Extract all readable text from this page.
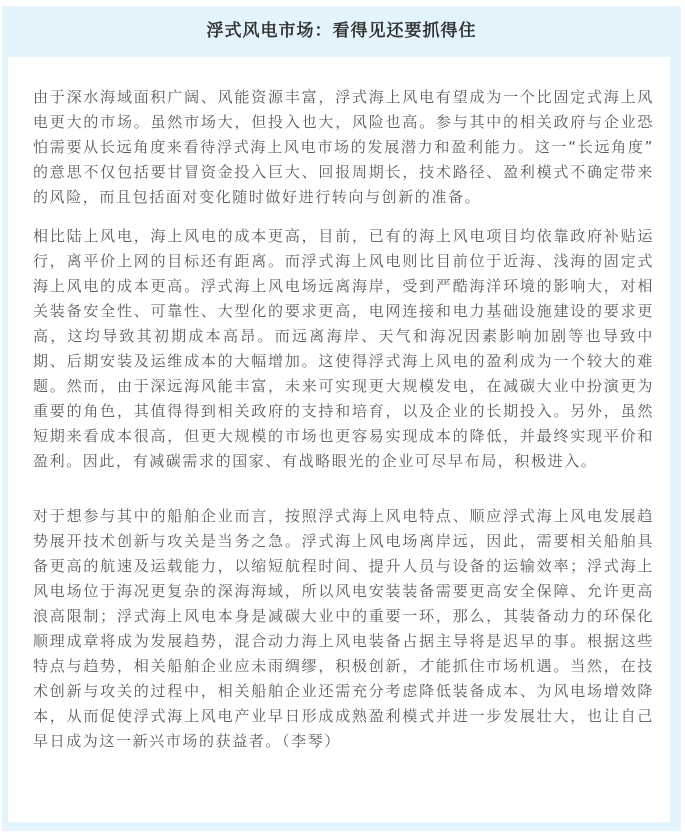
浮式风电市场：看得见还要抓得住

由于深水海域面积广阔、风能资源丰富，浮式海上风电有望成为一个比固定式海上风电更大的市场。虽然市场大，但投入也大，风险也高。参与其中的相关政府与企业恐怕需要从长远角度来看待浮式海上风电市场的发展潜力和盈利能力。这一“长远角度”的意思不仅包括要甘冒资金投入巨大、回报周期长，技术路径、盈利模式不确定带来的风险，而且包括面对变化随时做好进行转向与创新的准备。

相比陆上风电，海上风电的成本更高，目前，已有的海上风电项目均依靠政府补贴运行，离平价上网的目标还有距离。而浮式海上风电则比目前位于近海、浅海的固定式海上风电的成本更高。浮式海上风电场远离海岸，受到严酷海洋环境的影响大，对相关装备安全性、可靠性、大型化的要求更高，电网连接和电力基础设施建设的要求更高，这均导致其初期成本高昂。而远离海岸、天气和海况因素影响加剧等也导致中期、后期安装及运维成本的大幅增加。这使得浮式海上风电的盈利成为一个较大的难题。然而，由于深远海风能丰富，未来可实现更大规模发电，在减碳大业中扮演更为重要的角色，其值得得到相关政府的支持和培育，以及企业的长期投入。另外，虽然短期来看成本很高，但更大规模的市场也更容易实现成本的降低，并最终实现平价和盈利。因此，有减碳需求的国家、有战略眼光的企业可尽早布局，积极进入。

对于想参与其中的船舶企业而言，按照浮式海上风电特点、顺应浮式海上风电发展趋势展开技术创新与攻关是当务之急。浮式海上风电场离岸远，因此，需要相关船舶具备更高的航速及运载能力，以缩短航程时间、提升人员与设备的运输效率；浮式海上风电场位于海况更复杂的深海海域，所以风电安装装备需要更高安全保障、允许更高浪高限制；浮式海上风电本身是减碳大业中的重要一环，那么，其装备动力的环保化顺理成章将成为发展趋势，混合动力海上风电装备占据主导将是迟早的事。根据这些特点与趋势，相关船舶企业应未雨绸缪，积极创新，才能抓住市场机遇。当然，在技术创新与攻关的过程中，相关船舶企业还需充分考虑降低装备成本、为风电场增效降本，从而促使浮式海上风电产业早日形成成熟盈利模式并进一步发展壮大，也让自己早日成为这一新兴市场的获益者。（李琴）
